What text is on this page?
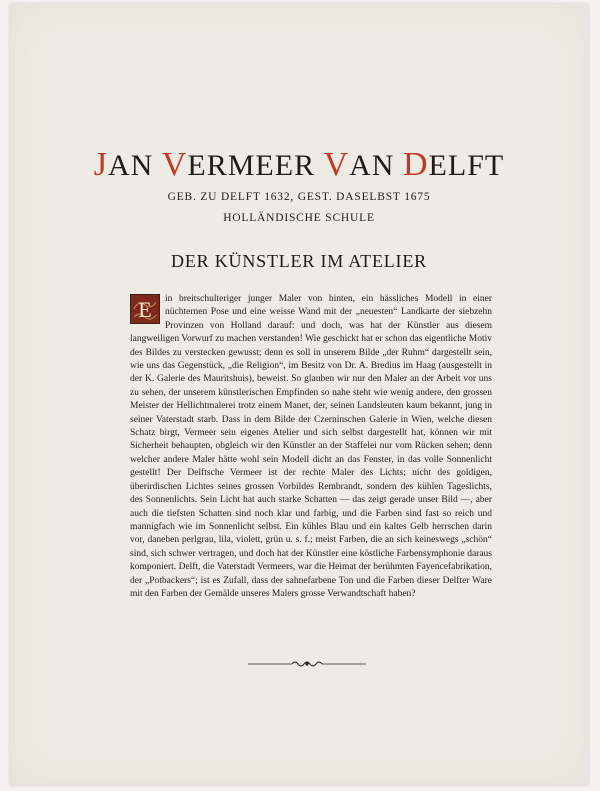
JAN VERMEER VAN DELFT
GEB. ZU DELFT 1632, GEST. DASELBST 1675
HOLLÄNDISCHE SCHULE
DER KÜNSTLER IM ATELIER
E in breitschulteriger junger Maler von hinten, ein hässliches Modell in einer nüchternen Pose und eine weisse Wand mit der „neuesten“ Landkarte der siebzehn Provinzen von Holland darauf: und doch, was hat der Künstler aus diesem langweiligen Vorwurf zu machen verstanden! Wie geschickt hat er schon das eigentliche Motiv des Bildes zu verstecken gewusst; denn es soll in unserem Bilde „der Ruhm“ dargestellt sein, wie uns das Gegenstück, „die Religion“, im Besitz von Dr. A. Bredius im Haag (ausgestellt in der K. Galerie des Mauritshuis), beweist. So glauben wir nur den Maler an der Arbeit vor uns zu sehen, der unserem künstlerischen Empfinden so nahe steht wie wenig andere, den grossen Meister der Hellichtmalerei trotz einem Manet, der, seinen Landsleuten kaum bekannt, jung in seiner Vaterstadt starb. Dass in dem Bilde der Czerninschen Galerie in Wien, welche diesen Schatz birgt, Vermeer sein eigenes Atelier und sich selbst dargestellt hat, können wir mit Sicherheit behaupten, obgleich wir den Künstler an der Staffelei nur vom Rücken sehen; denn welcher andere Maler hätte wohl sein Modell dicht an das Fenster, in das volle Sonnenlicht gestellt! Der Delftsche Vermeer ist der rechte Maler des Lichts; nicht des goldigen, überirdischen Lichtes seines grossen Vorbildes Rembrandt, sondern des kühlen Tageslichts, des Sonnenlichts. Sein Licht hat auch starke Schatten — das zeigt gerade unser Bild —, aber auch die tiefsten Schatten sind noch klar und farbig, und die Farben sind fast so reich und mannigfach wie im Sonnenlicht selbst. Ein kühles Blau und ein kaltes Gelb herrschen darin vor, daneben perlgrau, lila, violett, grün u. s. f.; meist Farben, die an sich keineswegs „schön“ sind, sich schwer vertragen, und doch hat der Künstler eine köstliche Farbensymphonie daraus komponiert. Delft, die Vaterstadt Vermeers, war die Heimat der berühmten Fayencefabrikation, der „Potbackers“; ist es Zufall, dass der sahnefarbene Ton und die Farben dieser Delfter Ware mit den Farben der Gemälde unseres Malers grosse Verwandtschaft haben?
